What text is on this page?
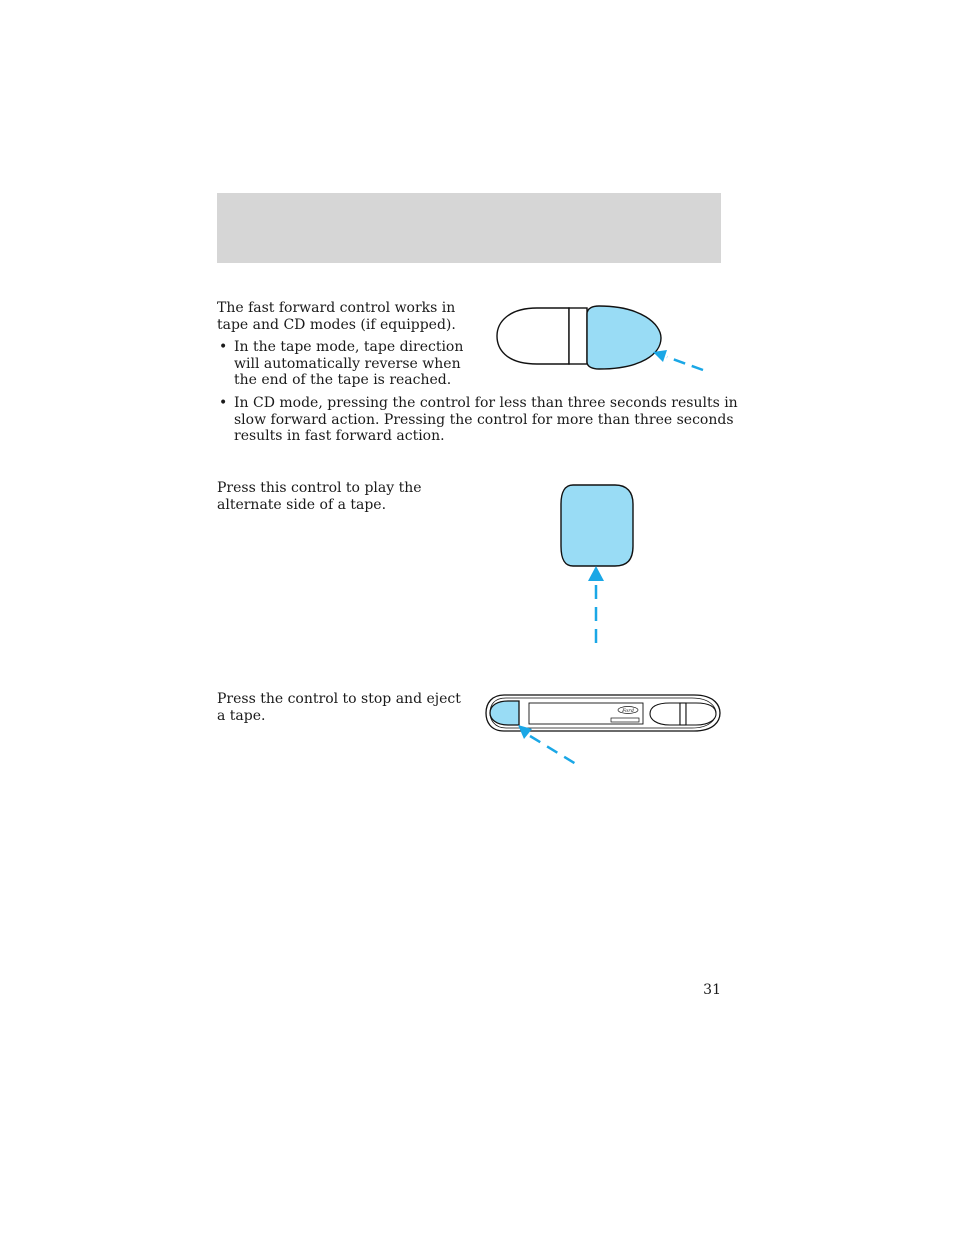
The fast forward control works in tape and CD modes (if equipped).
• In the tape mode, tape direction will automatically reverse when the end of the tape is reached.
• In CD mode, pressing the control for less than three seconds results in slow forward action. Pressing the control for more than three seconds results in fast forward action.
Press this control to play the alternate side of a tape.
Press the control to stop and eject a tape.	Ford
31
